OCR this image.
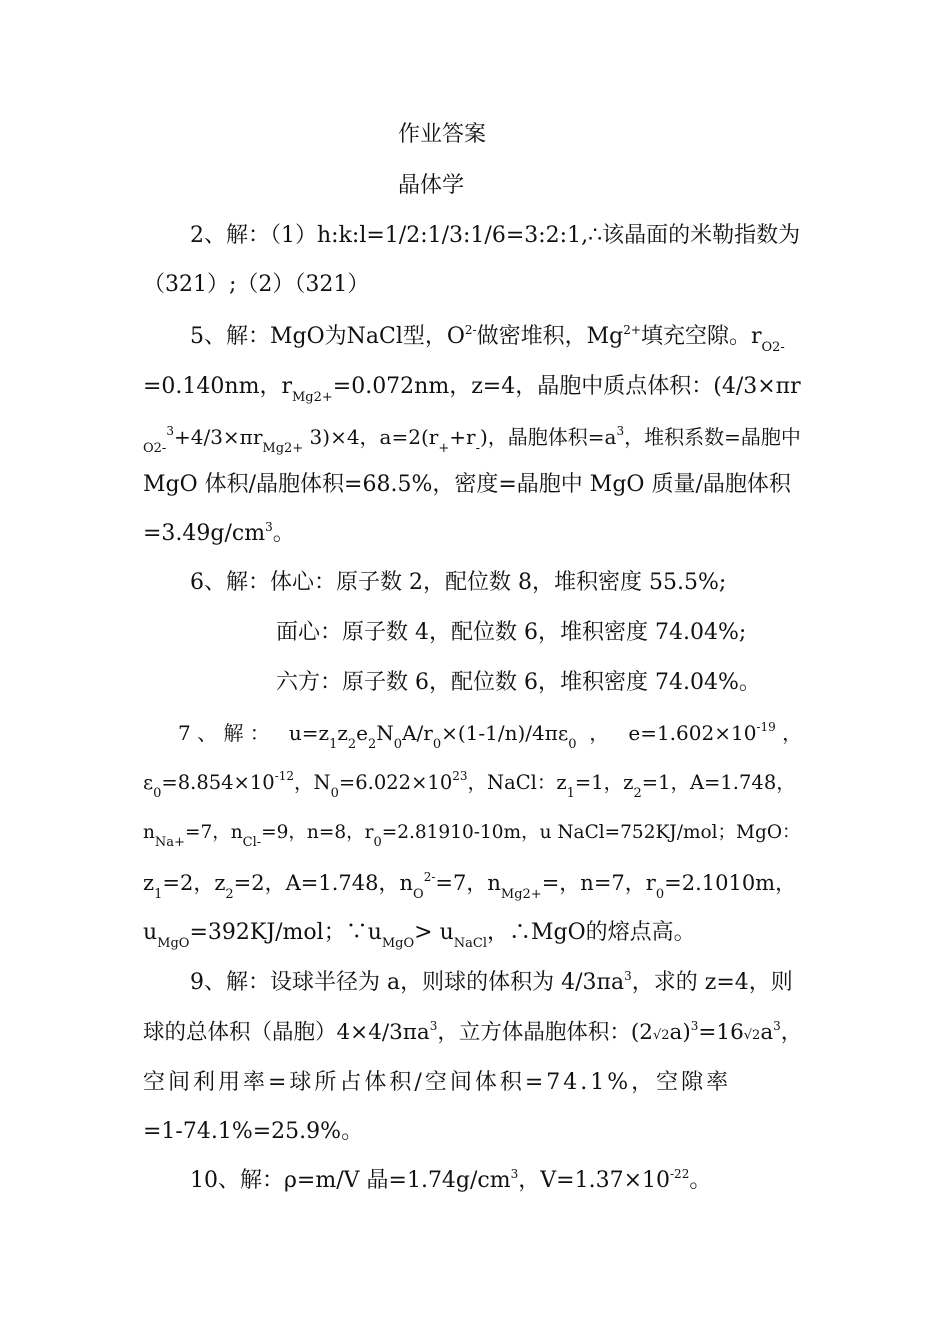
作业答案
晶体学
2、解：（1）h:k:l=1/2:1/3:1/6=3:2:1,∴该晶面的米勒指数为
（321）;（2）（321）
5、解：MgO为NaCl型，$O^{2-}$做密堆积，$Mg^{2+}$填充空隙。$r_{O2-}$
=0.140nm，$r_{Mg2+}=0.072nm$，z=4，晶胞中质点体积：(4/3×πr
$_{O2-}^3+4/3\times\pi r_{Mg2+}$ 3)×4，$a=2(r_++r_-)$，晶胞体积$=a^3$，堆积系数=晶胞中
MgO 体积/晶胞体积=68.5%，密度=晶胞中 MgO 质量/晶胞体积
$=3.49g/cm^3$。
6、解：体心：原子数 2，配位数 8，堆积密度 55.5%;
面心：原子数 4，配位数 6，堆积密度 74.04%;
六方：原子数 6，配位数 6，堆积密度 74.04%。
7 、 解 ： $u=z_1z_2e_2N_0A/r_0\times(1-1/n)/4\pi\varepsilon_0$ ， $e=1.602\times 10^{-19}$ ，
$\varepsilon_0=8.854\times 10^{-12}$，$N_0=6.022\times 10^{23}$，NaCl：$z_1=1$，$z_2=1$，A=1.748，
$n_{Na+}=7$，$n_{Cl-}=9$，n=8，$r_0=2.81910-10m$，u NaCl=752KJ/mol；MgO：
$z_1=2$，$z_2=2$，A=1.748，$n_O^{2-}=7$，$n_{Mg2+}=$，n=7，$r_0=2.1010m$，
$u_{MgO}=392KJ$/mol；$\because u_{MgO}> u_{NaCl}$，∴MgO的熔点高。
9、解：设球半径为 a，则球的体积为 $4/3\pi a^3$，求的 z=4，则
球的总体积（晶胞）$4\times 4/3\pi a^3$，立方体晶胞体积：$(2√2a)^3=16√2a^3$，
空间利用率=球所占体积/空间体积=74.1%，空隙率
=1-74.1%=25.9%。
10、解：ρ=m/V 晶$=1.74g/cm^3$，$V=1.37\times 10^{-22}$。
